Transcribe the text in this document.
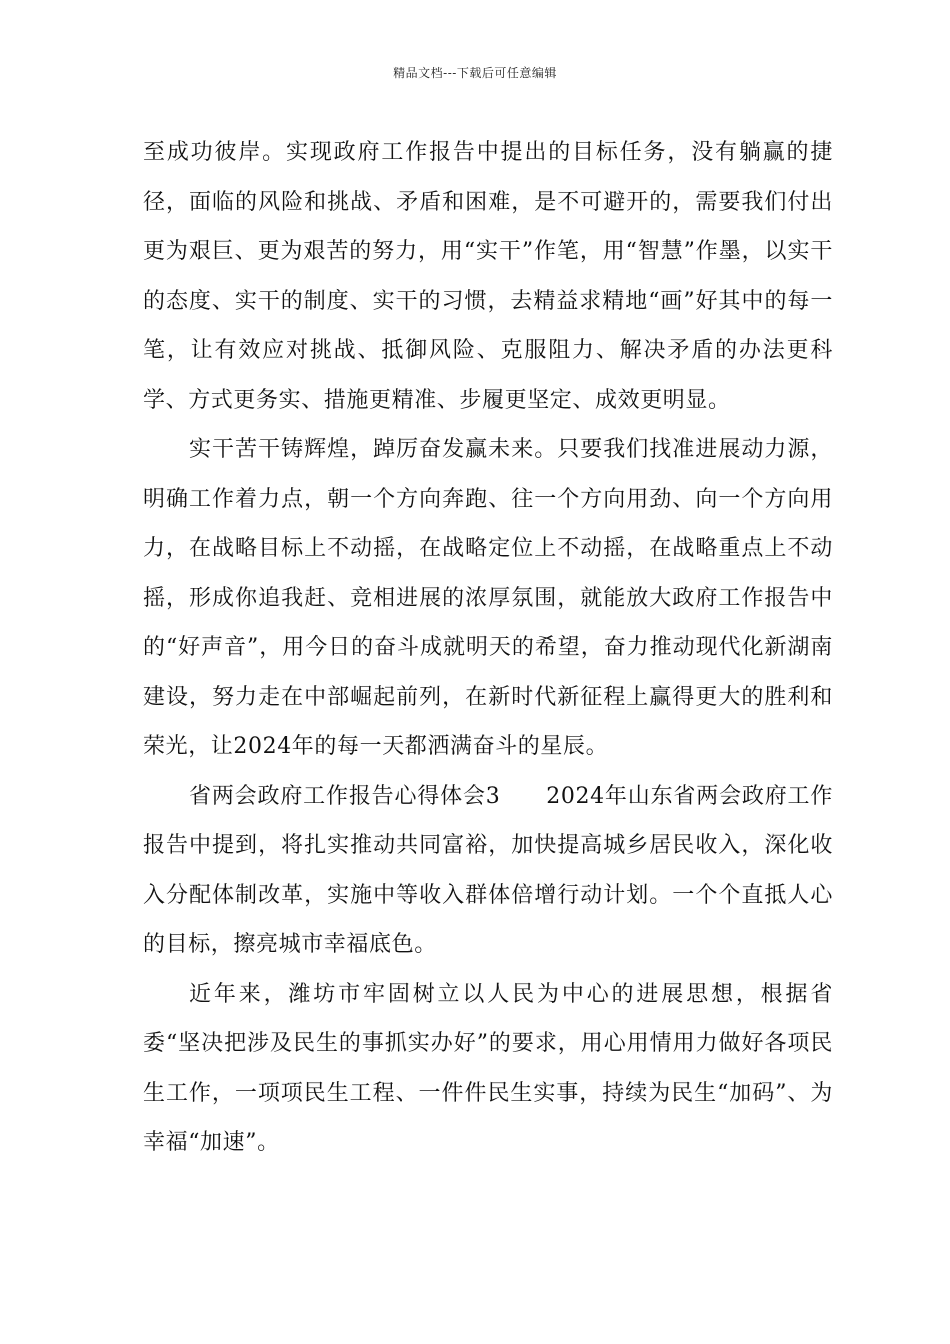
精品文档---下载后可任意编辑

至成功彼岸。实现政府工作报告中提出的目标任务，没有躺赢的捷径，面临的风险和挑战、矛盾和困难，是不可避开的，需要我们付出更为艰巨、更为艰苦的努力，用“实干”作笔，用“智慧”作墨，以实干的态度、实干的制度、实干的习惯，去精益求精地“画”好其中的每一笔，让有效应对挑战、抵御风险、克服阻力、解决矛盾的办法更科学、方式更务实、措施更精准、步履更坚定、成效更明显。

实干苦干铸辉煌，踔厉奋发赢未来。只要我们找准进展动力源，明确工作着力点，朝一个方向奔跑、往一个方向用劲、向一个方向用力，在战略目标上不动摇，在战略定位上不动摇，在战略重点上不动摇，形成你追我赶、竞相进展的浓厚氛围，就能放大政府工作报告中的“好声音”，用今日的奋斗成就明天的希望，奋力推动现代化新湖南建设，努力走在中部崛起前列，在新时代新征程上赢得更大的胜利和荣光，让2024年的每一天都洒满奋斗的星辰。

省两会政府工作报告心得体会3　　2024年山东省两会政府工作报告中提到，将扎实推动共同富裕，加快提高城乡居民收入，深化收入分配体制改革，实施中等收入群体倍增行动计划。一个个直抵人心的目标，擦亮城市幸福底色。

近年来，潍坊市牢固树立以人民为中心的进展思想，根据省委“坚决把涉及民生的事抓实办好”的要求，用心用情用力做好各项民生工作，一项项民生工程、一件件民生实事，持续为民生“加码”、为幸福“加速”。
